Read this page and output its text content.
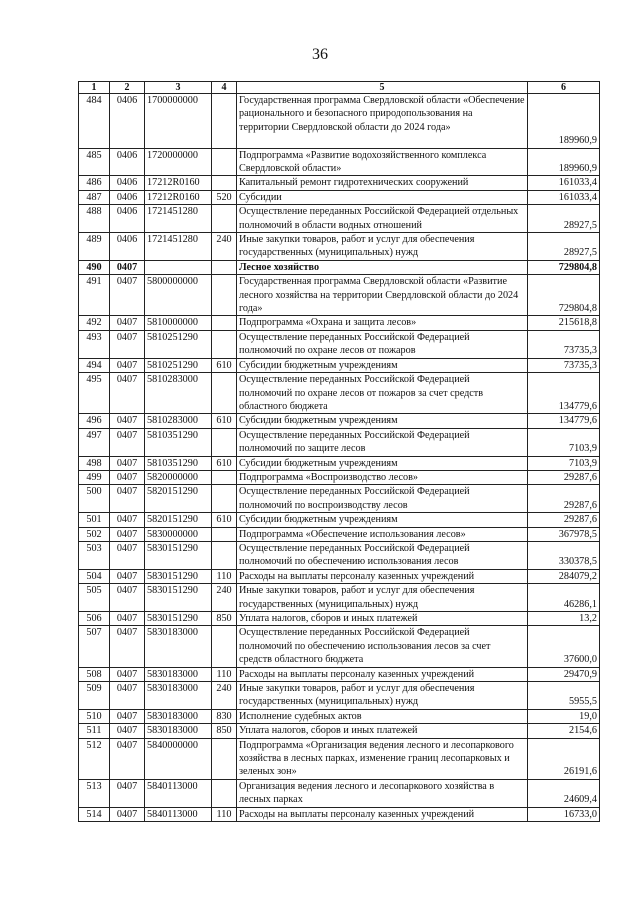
36
1	2	3	4	5	6
484	0406	1700000000		Государственная программа Свердловской области «Обеспечение рационального и безопасного природопользования на территории Свердловской области до 2024 года»	189960,9
485	0406	1720000000		Подпрограмма «Развитие водохозяйственного комплекса Свердловской области»	189960,9
486	0406	17212R0160		Капитальный ремонт гидротехнических сооружений	161033,4
487	0406	17212R0160	520	Субсидии	161033,4
488	0406	1721451280		Осуществление переданных Российской Федерацией отдельных полномочий в области водных отношений	28927,5
489	0406	1721451280	240	Иные закупки товаров, работ и услуг для обеспечения государственных (муниципальных) нужд	28927,5
490	0407			Лесное хозяйство	729804,8
491	0407	5800000000		Государственная программа Свердловской области «Развитие лесного хозяйства на территории Свердловской области до 2024 года»	729804,8
492	0407	5810000000		Подпрограмма «Охрана и защита лесов»	215618,8
493	0407	5810251290		Осуществление переданных Российской Федерацией полномочий по охране лесов от пожаров	73735,3
494	0407	5810251290	610	Субсидии бюджетным учреждениям	73735,3
495	0407	5810283000		Осуществление переданных Российской Федерацией полномочий по охране лесов от пожаров за счет средств областного бюджета	134779,6
496	0407	5810283000	610	Субсидии бюджетным учреждениям	134779,6
497	0407	5810351290		Осуществление переданных Российской Федерацией полномочий по защите лесов	7103,9
498	0407	5810351290	610	Субсидии бюджетным учреждениям	7103,9
499	0407	5820000000		Подпрограмма «Воспроизводство лесов»	29287,6
500	0407	5820151290		Осуществление переданных Российской Федерацией полномочий по воспроизводству лесов	29287,6
501	0407	5820151290	610	Субсидии бюджетным учреждениям	29287,6
502	0407	5830000000		Подпрограмма «Обеспечение использования лесов»	367978,5
503	0407	5830151290		Осуществление переданных Российской Федерацией полномочий по обеспечению использования лесов	330378,5
504	0407	5830151290	110	Расходы на выплаты персоналу казенных учреждений	284079,2
505	0407	5830151290	240	Иные закупки товаров, работ и услуг для обеспечения государственных (муниципальных) нужд	46286,1
506	0407	5830151290	850	Уплата налогов, сборов и иных платежей	13,2
507	0407	5830183000		Осуществление переданных Российской Федерацией полномочий по обеспечению использования лесов за счет средств областного бюджета	37600,0
508	0407	5830183000	110	Расходы на выплаты персоналу казенных учреждений	29470,9
509	0407	5830183000	240	Иные закупки товаров, работ и услуг для обеспечения государственных (муниципальных) нужд	5955,5
510	0407	5830183000	830	Исполнение судебных актов	19,0
511	0407	5830183000	850	Уплата налогов, сборов и иных платежей	2154,6
512	0407	5840000000		Подпрограмма «Организация ведения лесного и лесопаркового хозяйства в лесных парках, изменение границ лесопарковых и зеленых зон»	26191,6
513	0407	5840113000		Организация ведения лесного и лесопаркового хозяйства в лесных парках	24609,4
514	0407	5840113000	110	Расходы на выплаты персоналу казенных учреждений	16733,0
